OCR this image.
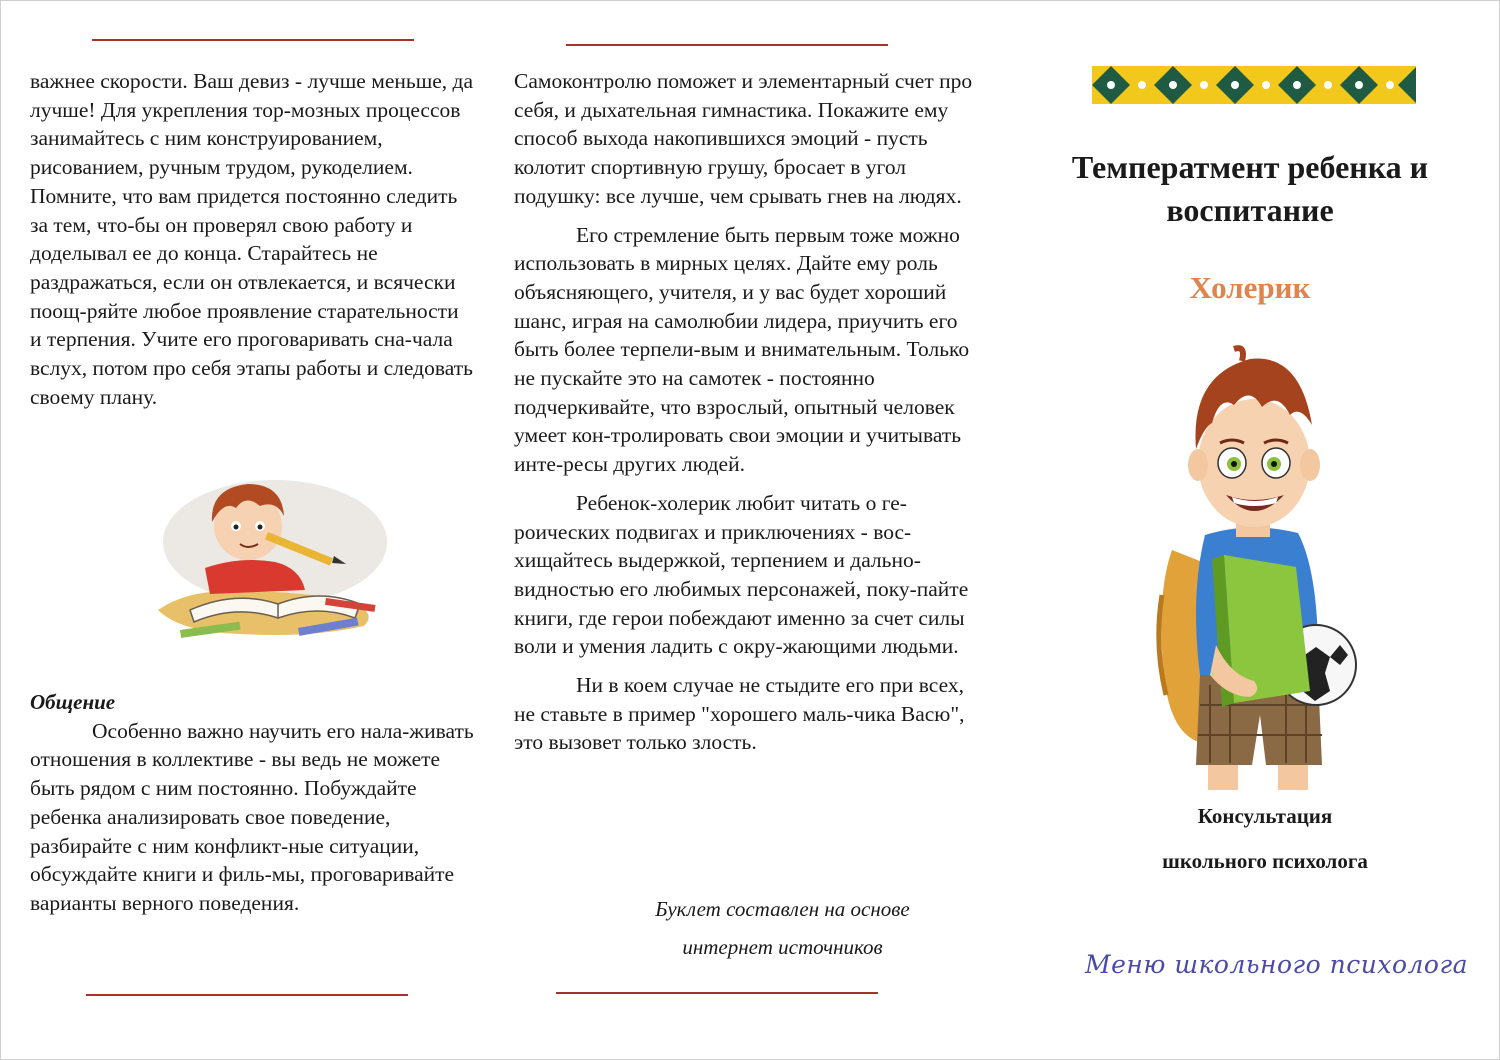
важнее скорости. Ваш девиз - лучше меньше, да лучше! Для укрепления тор-мозных процессов занимайтесь с ним конструированием, рисованием, ручным трудом, рукоделием. Помните, что вам придется постоянно следить за тем, что-бы он проверял свою работу и доделывал ее до конца. Старайтесь не раздражаться, если он отвлекается, и всячески поощ-ряйте любое проявление старательности и терпения. Учите его проговаривать сна-чала вслух, потом про себя этапы работы и следовать своему плану.

Общение

Особенно важно научить его нала-живать отношения в коллективе - вы ведь не можете быть рядом с ним постоянно. Побуждайте ребенка анализировать свое поведение, разбирайте с ним конфликт-ные ситуации, обсуждайте книги и филь-мы, проговаривайте варианты верного поведения.

Самоконтролю поможет и элементарный счет про себя, и дыхательная гимнастика. Покажите ему способ выхода накопившихся эмоций - пусть колотит спортивную грушу, бросает в угол подушку: все лучше, чем срывать гнев на людях.

Его стремление быть первым тоже можно использовать в мирных целях. Дайте ему роль объясняющего, учителя, и у вас будет хороший шанс, играя на самолюбии лидера, приучить его быть более терпели-вым и внимательным. Только не пускайте это на самотек - постоянно подчеркивайте, что взрослый, опытный человек умеет кон-тролировать свои эмоции и учитывать инте-ресы других людей.

Ребенок-холерик любит читать о ге-роических подвигах и приключениях - вос-хищайтесь выдержкой, терпением и дально-видностью его любимых персонажей, поку-пайте книги, где герои побеждают именно за счет силы воли и умения ладить с окру-жающими людьми.

Ни в коем случае не стыдите его при всех, не ставьте в пример "хорошего маль-чика Васю", это вызовет только злость.

Буклет составлен на основе
интернет источников
Температмент ребенка и воспитание
Холерик
Консультация
школьного психолога
Меню школьного психолога
